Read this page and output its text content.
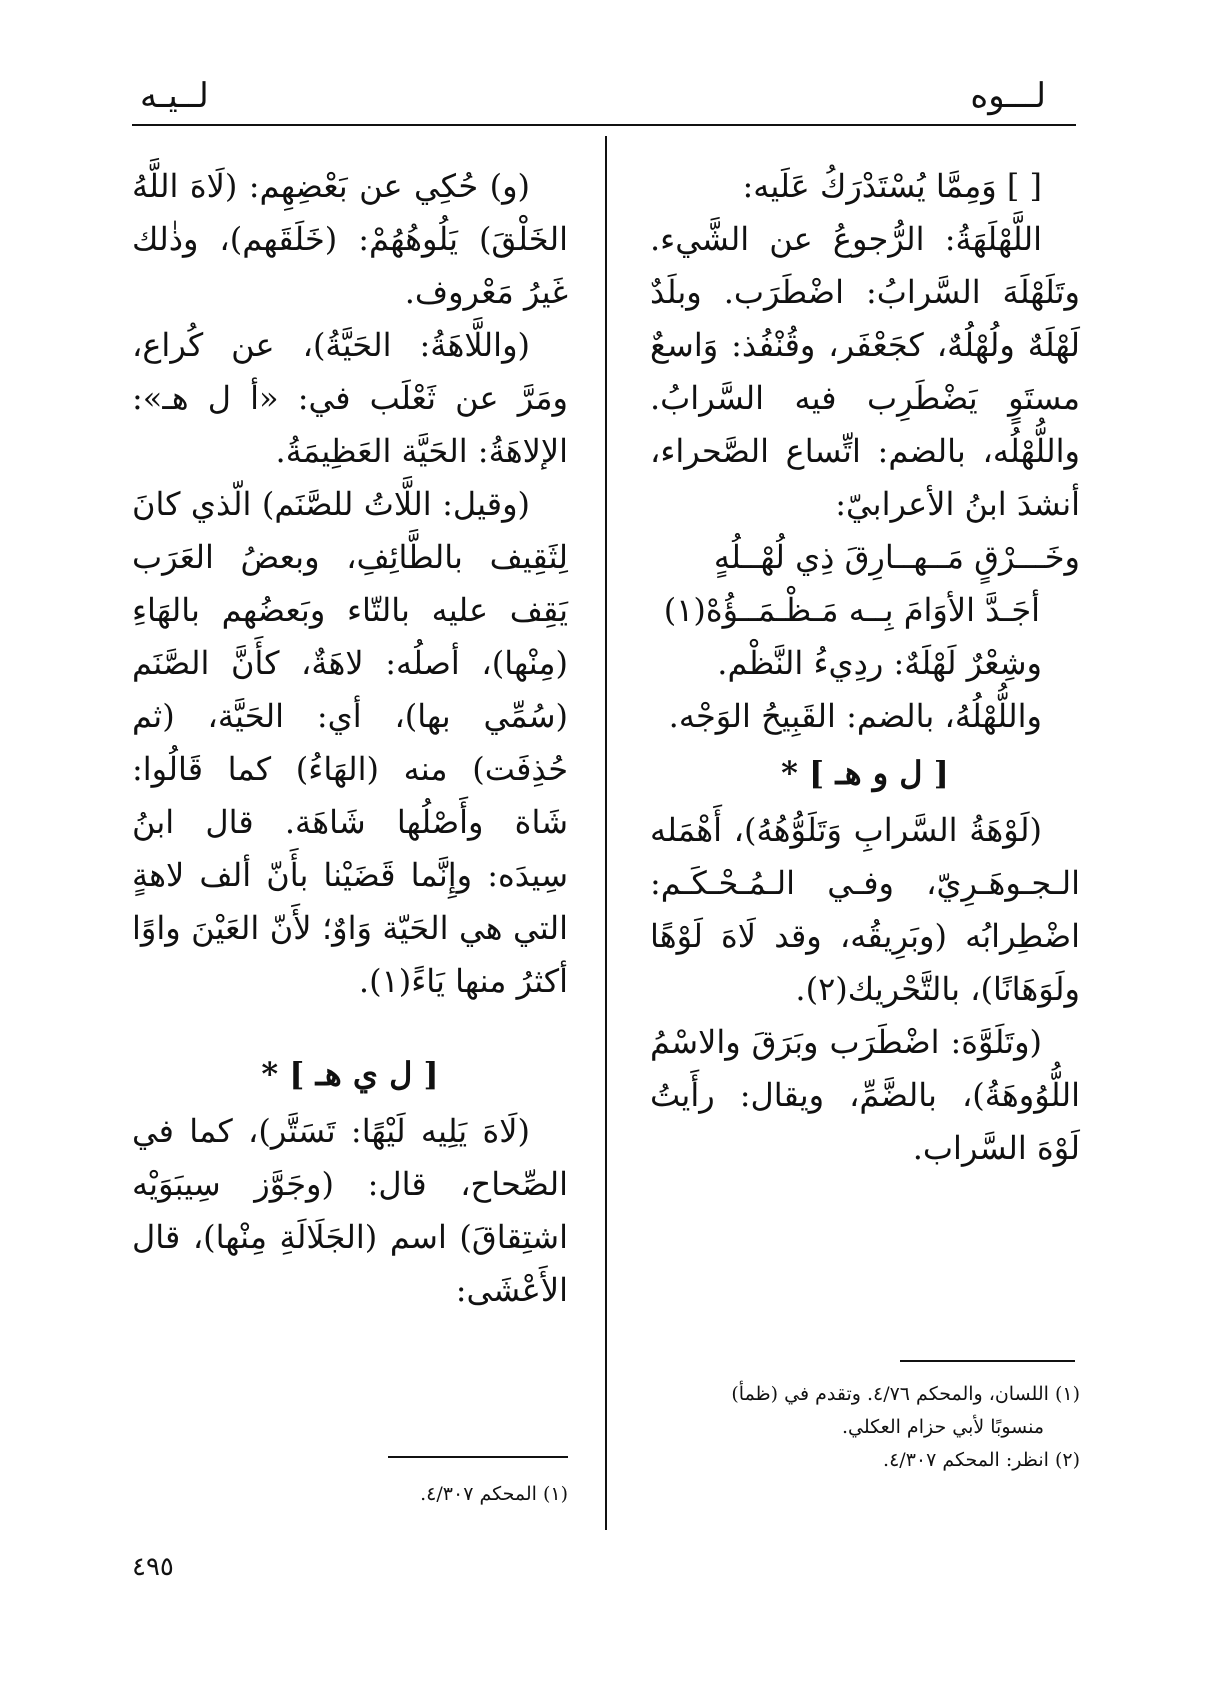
لـــوه
لــيـه

[ ] وَمِمَّا يُسْتَدْرَكُ عَلَيه:

اللَّهْلَهَةُ: الرُّجوعُ عن الشَّيء. وتَلَهْلَهَ السَّرابُ: اضْطَرَب. وبلَدٌ لَهْلَهٌ ولُهْلُهٌ، كجَعْفَر، وقُنْفُذ: وَاسعٌ مستَوٍ يَضْطَرِب فيه السَّرابُ. واللُّهْلُه، بالضم: اتِّساع الصَّحراء، أنشدَ ابنُ الأعرابيّ:

وخَـــرْقٍ مَــهــارِقَ ذِي لُهْــلُهٍ

أجَـدَّ الأوَامَ بِــه مَـظْـمَــؤُهْ(١)

وشِعْرٌ لَهْلَهٌ: ردِيءُ النَّظْم.

واللُّهْلُهُ، بالضم: القَبِيحُ الوَجْه.

[ ل و هـ ] *

(لَوْهَةُ السَّرابِ وَتَلَوُّهُهُ)، أَهْمَله الـجـوهَـرِيّ، وفـي الـمُـحْـكَـم: اضْطِرابُه (وبَرِيقُه، وقد لَاهَ لَوْهًا ولَوَهَانًا)، بالتَّحْريك(٢).

(وتَلَوَّهَ: اضْطَرَب وبَرَقَ والاسْمُ اللُّوُوهَةُ)، بالضَّمِّ، ويقال: رأَيتُ لَوْهَ السَّراب.

(و) حُكِي عن بَعْضِهِم: (لَاهَ اللَّهُ الخَلْقَ) يَلُوهُهُمْ: (خَلَقَهم)، وذٰلك غَيرُ مَعْروف.

(واللَّاهَةُ: الحَيَّةُ)، عن كُراع، ومَرَّ عن ثَعْلَب في: «أ ل هـ»: الإلاهَةُ: الحَيَّة العَظِيمَةُ.

(وقيل: اللَّاتُ للصَّنَم) الّذي كانَ لِثَقِيف بالطَّائِفِ، وبعضُ العَرَب يَقِف عليه بالتّاء وبَعضُهم بالهَاءِ (مِنْها)، أصلُه: لاهَةٌ، كأَنَّ الصَّنَم (سُمِّي بها)، أي: الحَيَّة، (ثم حُذِفَت) منه (الهَاءُ) كما قَالُوا: شَاة وأَصْلُها شَاهَة. قال ابنُ سِيدَه: وإِنَّما قَضَيْنا بأَنّ ألف لاهةٍ التي هي الحَيّة وَاوٌ؛ لأَنّ العَيْنَ واوًا أكثرُ منها يَاءً(١).

[ ل ي هـ ] *

(لَاهَ يَلِيه لَيْهًا: تَسَتَّر)، كما في الصِّحاح، قال: (وجَوَّز سِيبَوَيْه اشتِقاقَ) اسم (الجَلَالَةِ مِنْها)، قال الأَعْشَى:

(١) اللسان، والمحكم ٤/٧٦. وتقدم في (ظمأ)

منسوبًا لأبي حزام العكلي.

(٢) انظر: المحكم ٤/٣٠٧.

(١) المحكم ٤/٣٠٧.

٤٩٥
